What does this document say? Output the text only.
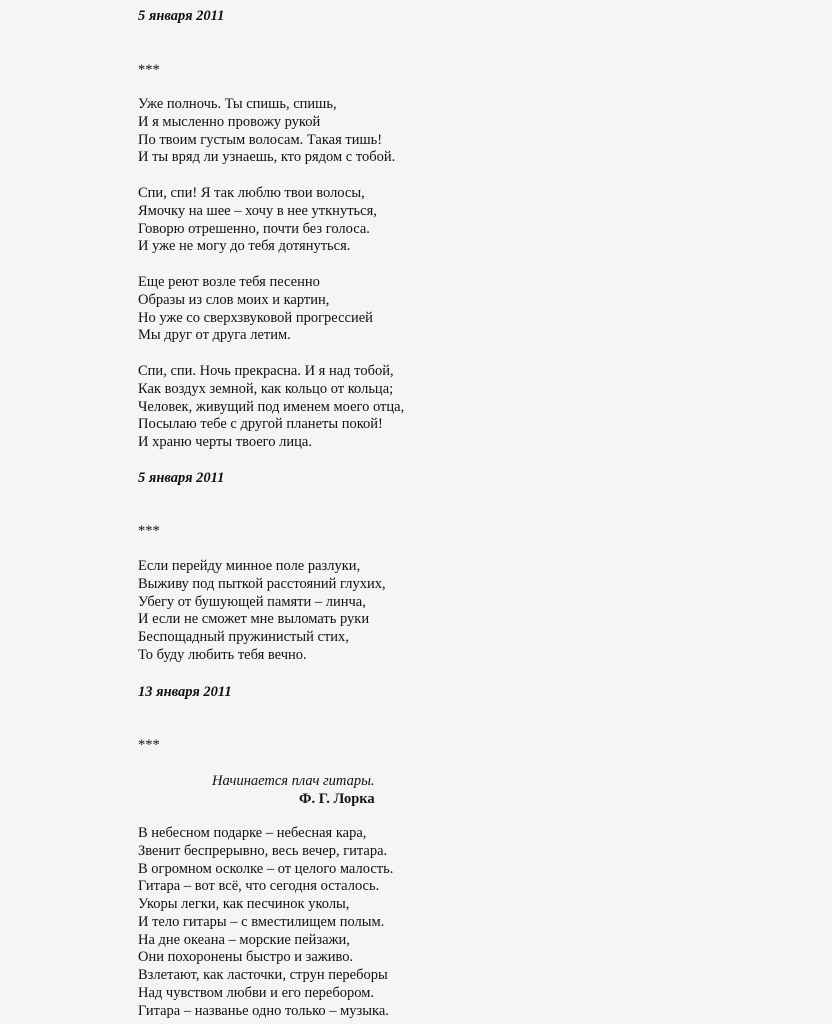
5 января 2011
***
Уже полночь. Ты спишь, спишь,
И я мысленно провожу рукой
По твоим густым волосам. Такая тишь!
И ты вряд ли узнаешь, кто рядом с тобой.
Спи, спи! Я так люблю твои волосы,
Ямочку на шее – хочу в нее уткнуться,
Говорю отрешенно, почти без голоса.
И уже не могу до тебя дотянуться.
Еще реют возле тебя песенно
Образы из слов моих и картин,
Но уже со сверхзвуковой прогрессией
Мы друг от друга летим.
Спи, спи. Ночь прекрасна. И я над тобой,
Как воздух земной, как кольцо от кольца;
Человек, живущий под именем моего отца,
Посылаю тебе с другой планеты покой!
И храню черты твоего лица.
5 января 2011
***
Если перейду минное поле разлуки,
Выживу под пыткой расстояний глухих,
Убегу от бушующей памяти – линча,
И если не сможет мне выломать руки
Беспощадный пружинистый стих,
То буду любить тебя вечно.
13 января 2011
***
Начинается плач гитары.
Ф. Г. Лорка
В небесном подарке – небесная кара,
Звенит беспрерывно, весь вечер, гитара.
В огромном осколке – от целого малость.
Гитара – вот всё, что сегодня осталось.
Укоры легки, как песчинок уколы,
И тело гитары – с вместилищем полым.
На дне океана – морские пейзажи,
Они похоронены быстро и заживо.
Взлетают, как ласточки, струн переборы
Над чувством любви и его перебором.
Гитара – названье одно только – музыка.
